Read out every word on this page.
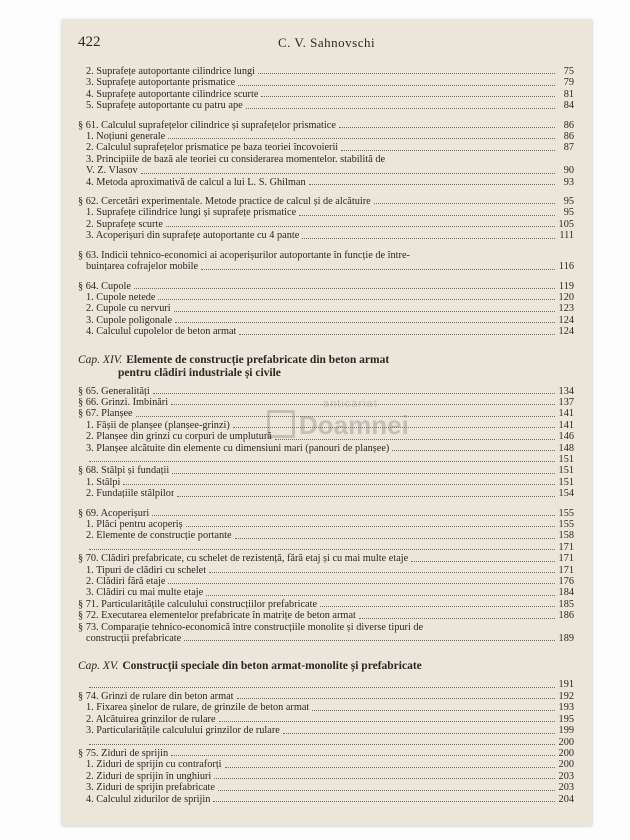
422	C. V. Sahnovschi
anticariat
Doamnei
2. Suprafețe autoportante cilindrice lungi	75
3. Suprafețe autoportante prismatice	79
4. Suprafețe autoportante cilindrice scurte	81
5. Suprafețe autoportante cu patru ape	84
§ 61. Calculul suprafețelor cilindrice și suprafețelor prismatice	86
1. Noțiuni generale	86
2. Calculul suprafețelor prismatice pe baza teoriei încovoierii	87
3. Principiile de bază ale teoriei cu considerarea momentelor. stabilită de
V. Z. Vlasov	90
4. Metoda aproximativă de calcul a lui L. S. Ghilman	93
§ 62. Cercetări experimentale. Metode practice de calcul și de alcătuire	95
1. Suprafețe cilindrice lungi și suprafețe prismatice	95
2. Suprafețe scurte	105
3. Acoperișuri din suprafețe autoportante cu 4 pante	111
§ 63. Indicii tehnico-economici ai acoperișurilor autoportante în funcție de între-
buințarea cofrajelor mobile	116
§ 64. Cupole	119
1. Cupole netede	120
2. Cupole cu nervuri	123
3. Cupole poligonale	124
4. Calculul cupolelor de beton armat	124
Cap. XIV. Elemente de construcție prefabricate din beton armat
pentru clădiri industriale și civile
§ 65. Generalități	134
§ 66. Grinzi. Îmbinări	137
§ 67. Planșee	141
1. Fâșii de planșee (planșee-grinzi)	141
2. Planșee din grinzi cu corpuri de umplutură	146
3. Planșee alcătuite din elemente cu dimensiuni mari (panouri de planșee)	148
151
§ 68. Stâlpi și fundații	151
1. Stâlpi	151
2. Fundațiile stâlpilor	154
§ 69. Acoperișuri	155
1. Plăci pentru acoperiș	155
2. Elemente de construcție portante	158
171
§ 70. Clădiri prefabricate, cu schelet de rezistență, fără etaj și cu mai multe etaje	171
1. Tipuri de clădiri cu schelet	171
2. Clădiri fără etaje	176
3. Clădiri cu mai multe etaje	184
§ 71. Particularitățile calculului construcțiilor prefabricate	185
§ 72. Executarea elementelor prefabricate în matrițe de beton armat	186
§ 73. Comparație tehnico-economică între construcțiile monolite și diverse tipuri de
construcții prefabricate	189
Cap. XV. Construcții speciale din beton armat-monolite și prefabricate
191
§ 74. Grinzi de rulare din beton armat	192
1. Fixarea șinelor de rulare, de grinzile de beton armat	193
2. Alcătuirea grinzilor de rulare	195
3. Particularitățile calculului grinzilor de rulare	199
200
§ 75. Ziduri de sprijin	200
1. Ziduri de sprijin cu contraforți	200
2. Ziduri de sprijin în unghiuri	203
3. Ziduri de sprijin prefabricate	203
4. Calculul zidurilor de sprijin	204
